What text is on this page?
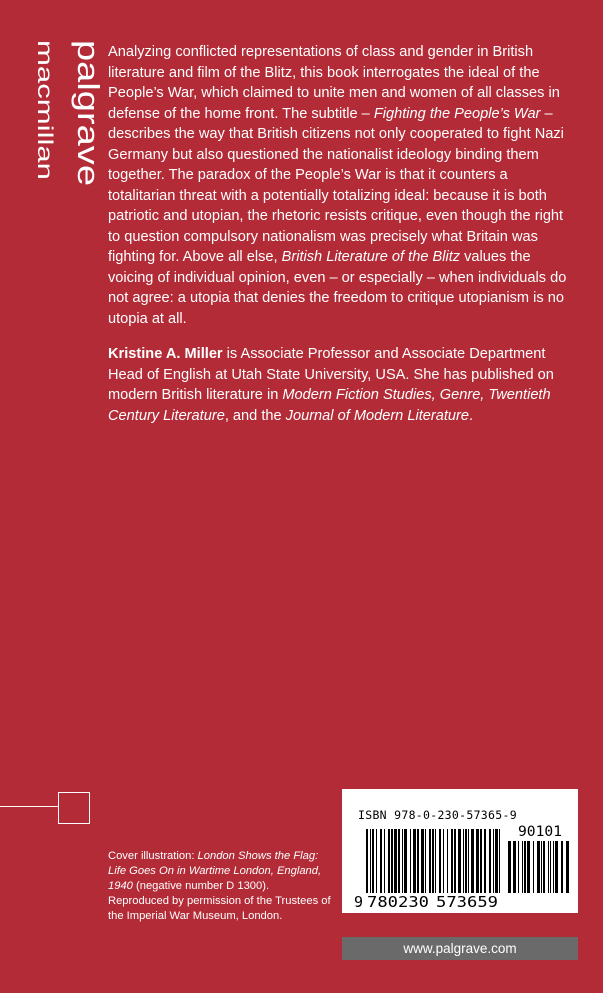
palgrave
macmillan	Analyzing conflicted representations of class and gender in British literature and film of the Blitz, this book interrogates the ideal of the People’s War, which claimed to unite men and women of all classes in defense of the home front. The subtitle – Fighting the People’s War – describes the way that British citizens not only cooperated to fight Nazi Germany but also questioned the nationalist ideology binding them together. The paradox of the People’s War is that it counters a totalitarian threat with a potentially totalizing ideal: because it is both patriotic and utopian, the rhetoric resists critique, even though the right to question compulsory nationalism was precisely what Britain was fighting for. Above all else, British Literature of the Blitz values the voicing of individual opinion, even – or especially – when individuals do not agree: a utopia that denies the freedom to critique utopianism is no utopia at all.

Kristine A. Miller is Associate Professor and Associate Department Head of English at Utah State University, USA. She has published on modern British literature in Modern Fiction Studies, Genre, Twentieth Century Literature, and the Journal of Modern Literature.

Cover illustration: London Shows the Flag: Life Goes On in Wartime London, England, 1940 (negative number D 1300). Reproduced by permission of the Trustees of the Imperial War Museum, London.
ISBN 978-0-230-57365-9
9 780230 573659
90101
www.palgrave.com
